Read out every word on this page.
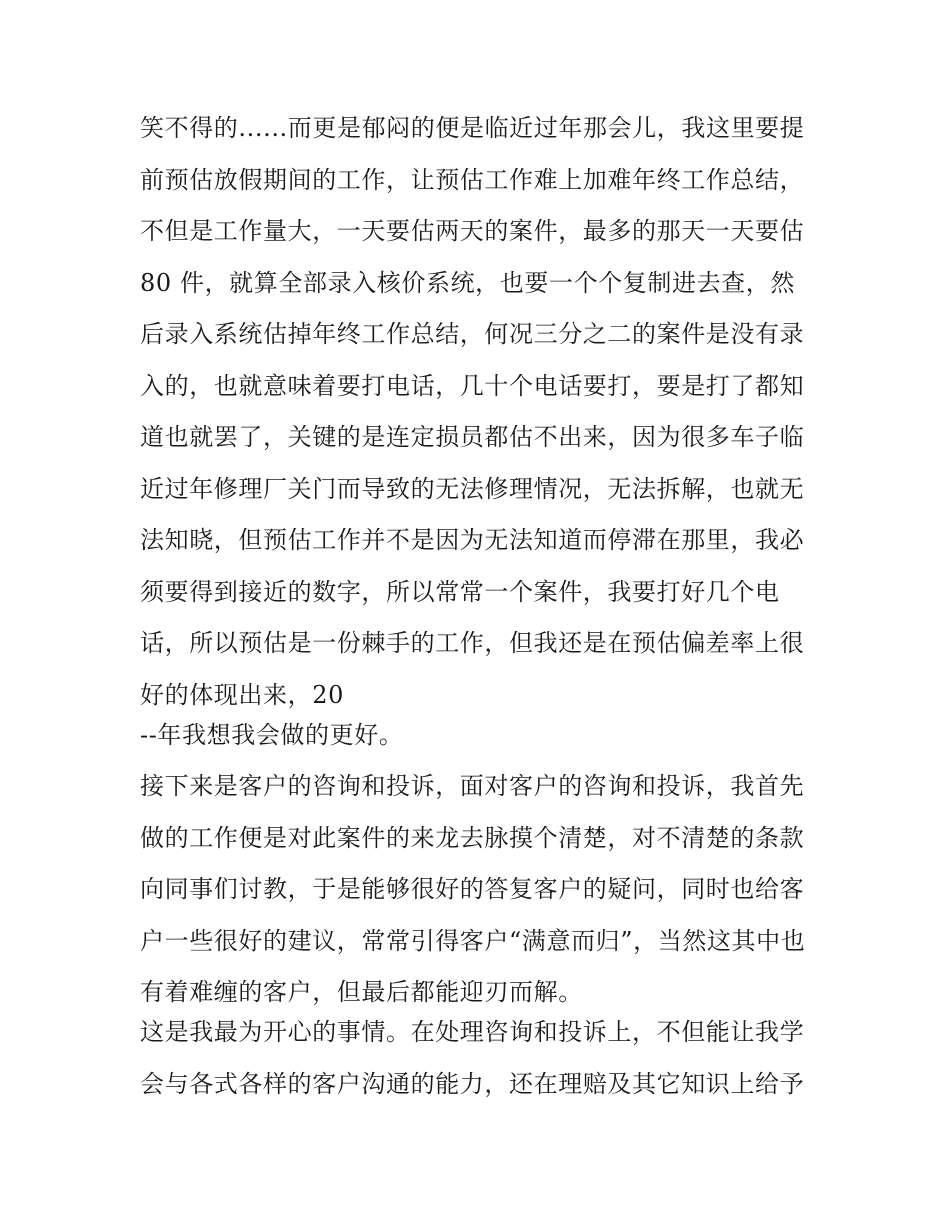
笑不得的......而更是郁闷的便是临近过年那会儿，我这里要提
前预估放假期间的工作，让预估工作难上加难年终工作总结，
不但是工作量大，一天要估两天的案件，最多的那天一天要估
80 件，就算全部录入核价系统，也要一个个复制进去查，然
后录入系统估掉年终工作总结，何况三分之二的案件是没有录
入的，也就意味着要打电话，几十个电话要打，要是打了都知
道也就罢了，关键的是连定损员都估不出来，因为很多车子临
近过年修理厂关门而导致的无法修理情况，无法拆解，也就无
法知晓，但预估工作并不是因为无法知道而停滞在那里，我必
须要得到接近的数字，所以常常一个案件，我要打好几个电
话，所以预估是一份棘手的工作，但我还是在预估偏差率上很
好的体现出来，20
--年我想我会做的更好。
接下来是客户的咨询和投诉，面对客户的咨询和投诉，我首先
做的工作便是对此案件的来龙去脉摸个清楚，对不清楚的条款
向同事们讨教，于是能够很好的答复客户的疑问，同时也给客
户一些很好的建议，常常引得客户“满意而归”，当然这其中也
有着难缠的客户，但最后都能迎刃而解。
这是我最为开心的事情。在处理咨询和投诉上，不但能让我学
会与各式各样的客户沟通的能力，还在理赔及其它知识上给予
